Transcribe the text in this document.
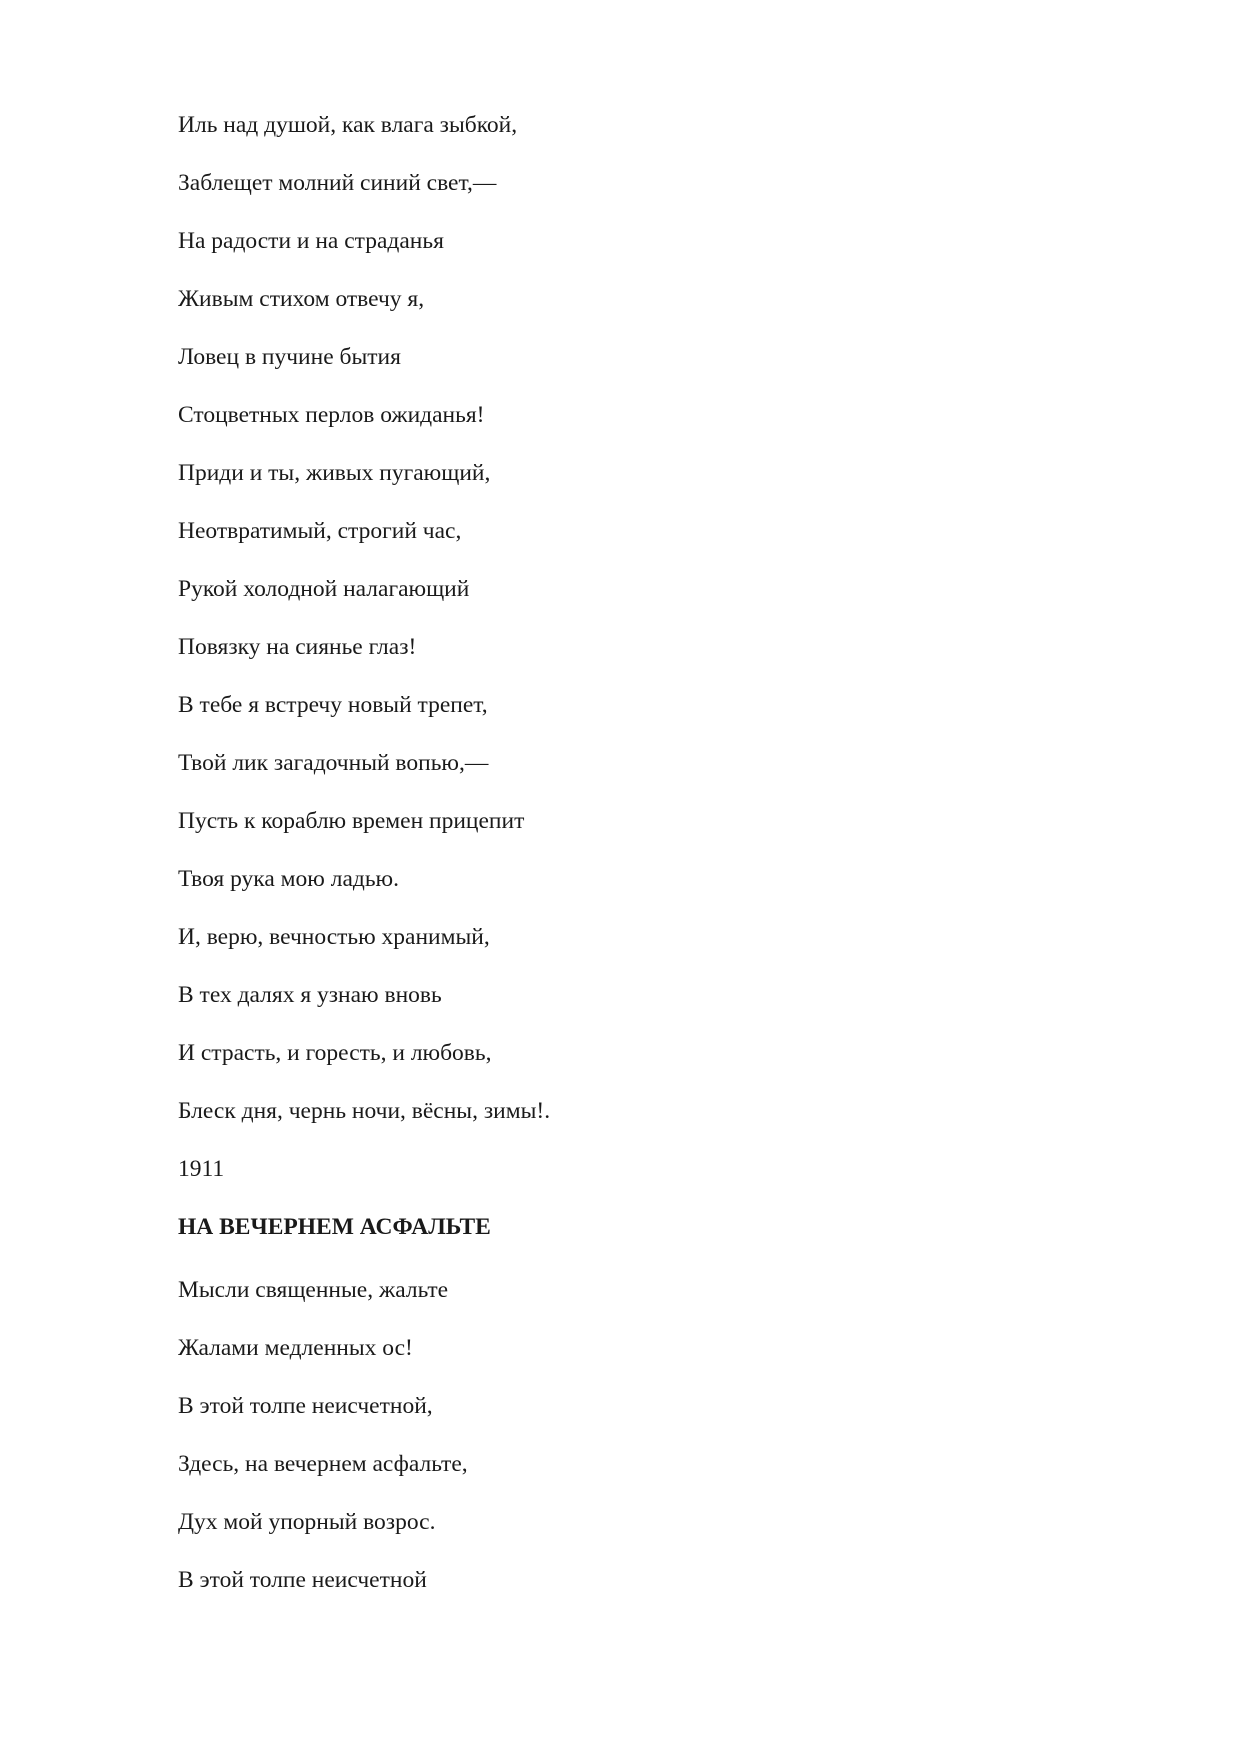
Иль над душой, как влага зыбкой,
Заблещет молний синий свет,—
На радости и на страданья
Живым стихом отвечу я,
Ловец в пучине бытия
Стоцветных перлов ожиданья!
Приди и ты, живых пугающий,
Неотвратимый, строгий час,
Рукой холодной налагающий
Повязку на сиянье глаз!
В тебе я встречу новый трепет,
Твой лик загадочный вопью,—
Пусть к кораблю времен прицепит
Твоя рука мою ладью.
И, верю, вечностью хранимый,
В тех далях я узнаю вновь
И страсть, и горесть, и любовь,
Блеск дня, чернь ночи, вёсны, зимы!.
1911
НА ВЕЧЕРНЕМ АСФАЛЬТЕ
Мысли священные, жальте
Жалами медленных ос!
В этой толпе неисчетной,
Здесь, на вечернем асфальте,
Дух мой упорный возрос.
В этой толпе неисчетной
